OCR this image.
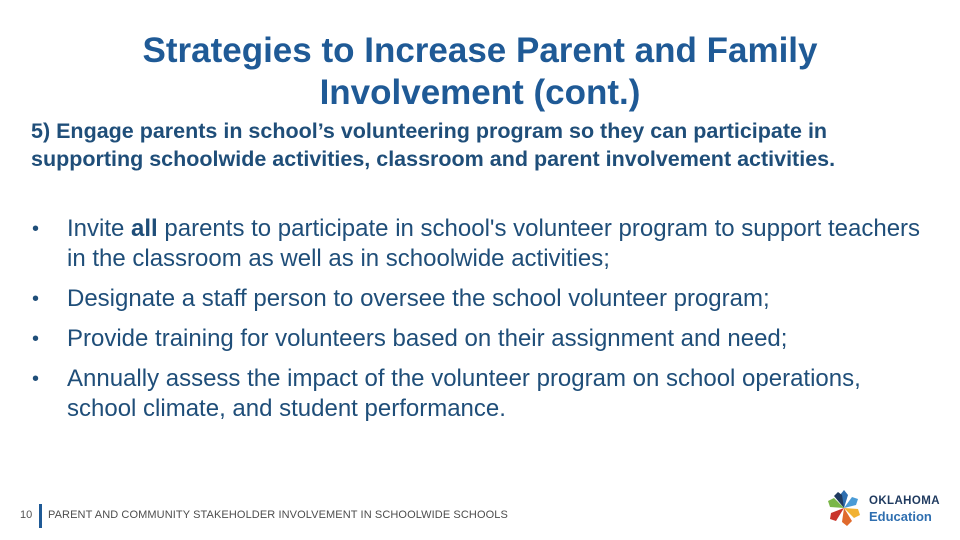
Strategies to Increase Parent and Family
Involvement (cont.)
5) Engage parents in school’s volunteering program so they can participate in supporting schoolwide activities, classroom and parent involvement activities.
• Invite all parents to participate in school's volunteer program to support teachers in the classroom as well as in schoolwide activities;
• Designate a staff person to oversee the school volunteer program;
• Provide training for volunteers based on their assignment and need;
• Annually assess the impact of the volunteer program on school operations, school climate, and student performance.
10 PARENT AND COMMUNITY STAKEHOLDER INVOLVEMENT IN SCHOOLWIDE SCHOOLS
OKLAHOMA
Education
